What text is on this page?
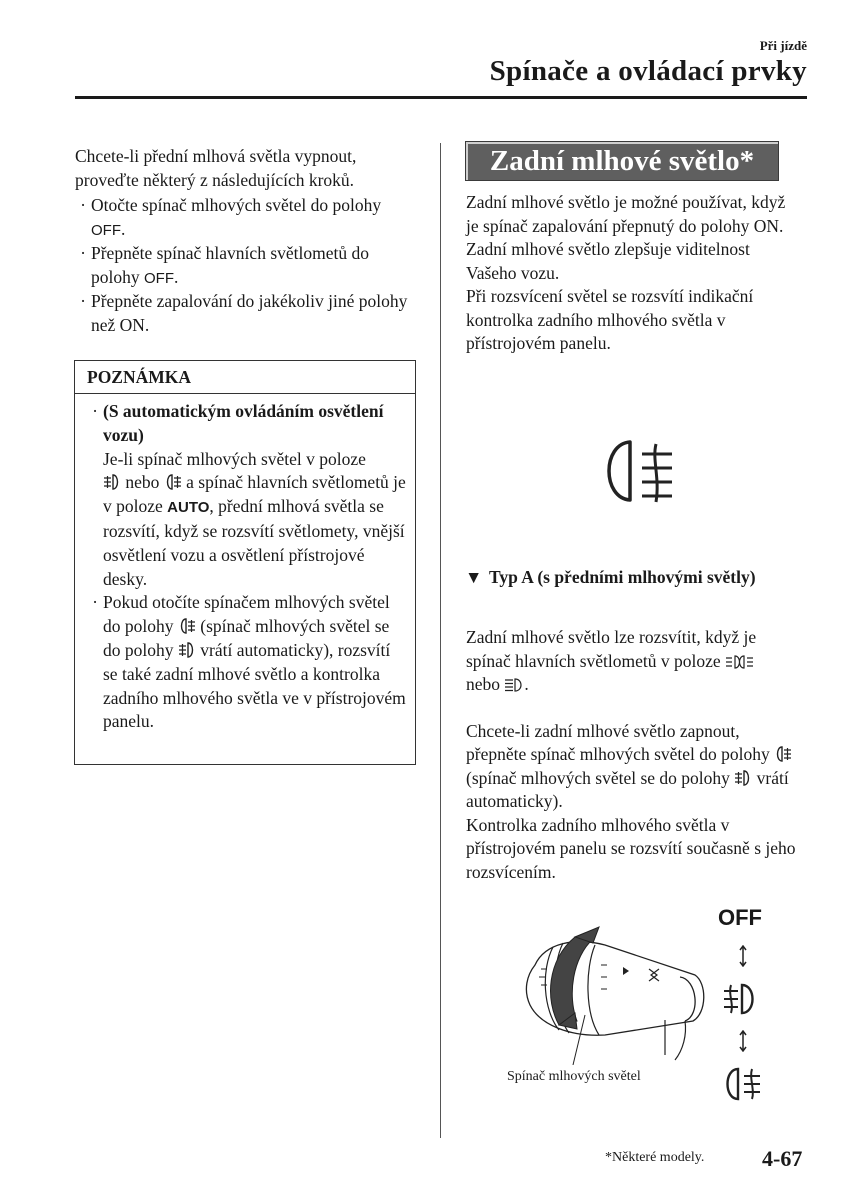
Při jízdě
Spínače a ovládací prvky
Chcete-li přední mlhová světla vypnout, proveďte některý z následujících kroků.
· Otočte spínač mlhových světel do polohy OFF.
· Přepněte spínač hlavních světlometů do polohy OFF.
· Přepněte zapalování do jakékoliv jiné polohy než ON.
POZNÁMKA
· (S automatickým ovládáním osvětlení vozu)
Je-li spínač mlhových světel v poloze
nebo a spínač hlavních světlometů je v poloze AUTO, přední mlhová světla se rozsvítí, když se rozsvítí světlomety, vnější osvětlení vozu a osvětlení přístrojové desky.
· Pokud otočíte spínačem mlhových světel do polohy (spínač mlhových světel se do polohy vrátí automaticky), rozsvítí se také zadní mlhové světlo a kontrolka zadního mlhového světla ve v přístrojovém panelu.
Zadní mlhové světlo*
Zadní mlhové světlo je možné používat, když je spínač zapalování přepnutý do polohy ON.
Zadní mlhové světlo zlepšuje viditelnost Vašeho vozu.
Při rozsvícení světel se rozsvítí indikační kontrolka zadního mlhového světla v přístrojovém panelu.
▼ Typ A (s předními mlhovými světly)
Zadní mlhové světlo lze rozsvítit, když je spínač hlavních světlometů v poloze
nebo .
Chcete-li zadní mlhové světlo zapnout, přepněte spínač mlhových světel do polohy  (spínač mlhových světel se do polohy vrátí automaticky).
Kontrolka zadního mlhového světla v přístrojovém panelu se rozsvítí současně s jeho rozsvícením.
OFF
Spínač mlhových světel
*Některé modely.	4-67
